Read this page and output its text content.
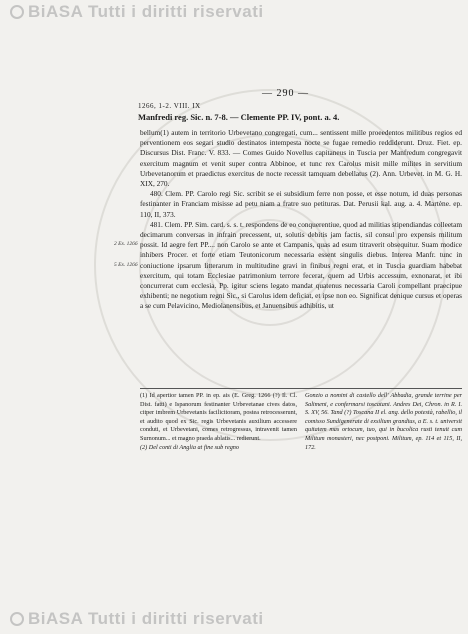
BiASA Tutti i diritti riservati
— 290 —
1266, 1-2. VIII. IX
Manfredi reg. Sic. n. 7-8. — Clemente PP. IV, pont. a. 4.
2 Ex. 1266
5 Ex. 1266

bellum(1) autem in territorio Urbevetano congregati, cum... sentissent mille proeedentos militibus regios ed perventionem eos segari studio destinatos intempesta nocte se fugae remedio reddiderunt. Druz. Fiet. ep. Discursus Dist. Franc. V. 833. — Comes Guido Novellus capitaneus in Tuscia per Manfredum congregavit exercitum magnum et venit super contra Abbinoe, et tunc rex Carolus misit mille milites in servitium Urbevetanorum et praedictus exercitus de nocte recessit tamquam debellatus (2). Ann. Urbevet. in M. G. H. XIX, 270.

480. Clem. PP. Carolo regi Sic. scribit se ei subsidium ferre non posse, et esse notum, id duas personas festinanter in Franciam misisse ad petu niam a fratre suo petituras. Dat. Perusii kal. aug. a. 4. Martène. ep. 110, II, 373.

481. Clem. PP. Sim. card. s. s. t. respondens de eo conquerentiue, quod ad militias stipendiandas colleetam decimarum conversas in infrain precessent, ut, solutis debitis jam factis, sil consul pro expensis militum possit. Id aegre fert PP.... non Carolo se ante et Campanis, quas ad esum titraverit obsequitur. Suam modice inhibers Procer. et forte etiam Teutonicorum necessaria essent singulis diebus. Interea Manfr. tunc in coniuctione ipsarum litterarum in multitudine gravi in finibus regni erat, et in Tuscia guardiam habebat exercitum, qui totam Ecclesiae patrimonium terrore fecerat, quem ad Urbis accessum, exnonarat, et ibi concurrerat cum ecclesia. Pp. igitur sciens legato mandat quatenus necessaria Caroli compellant praecipue exhibenti; ne negotium regni Sic., si Carolus idem deficiat, et ipse non eo. Significat denique cursus et operas a se cum Pelavicino, Mediolanensibus, et Januensibus adhibitis, ut

(1) Id apertior tamen PP. in ep. ais (E. Greg. 1266 (?) Il. Cl. Dist. fatti) e Ispanorum festinanter Urbevetanae cives datos, citper imbrem Urbevetanis facilicitoram, postea retrocesserunt, et audito quod ex Sic. regis Urbevetanis auxilium accessere conduti, et Urbevetani, comes retrogressus, intravenit tamen Surnonum... et magno praeda ablatis... redierunt.

(2) Del conti di Anglia at fine sub regno

Gonzio a nomini di castello dell' Abbadia, grande terrine per Salimeni, e confermarsi toscatani. Andres Dei, Chron. in R. I. S. XV, 56. Tand (?) Toscana II el. ang. dello potestà, rabellio, il comisso Sundigenerate di exsilium grandius, a E. s. t. universit quitatem mas ortocum, tuo, qui in bucolica rusti tenuit cum Militum monasteri, nec postponi. Militum, ep. 114 et 115, II, 172.

BiASA Tutti i diritti riservati
